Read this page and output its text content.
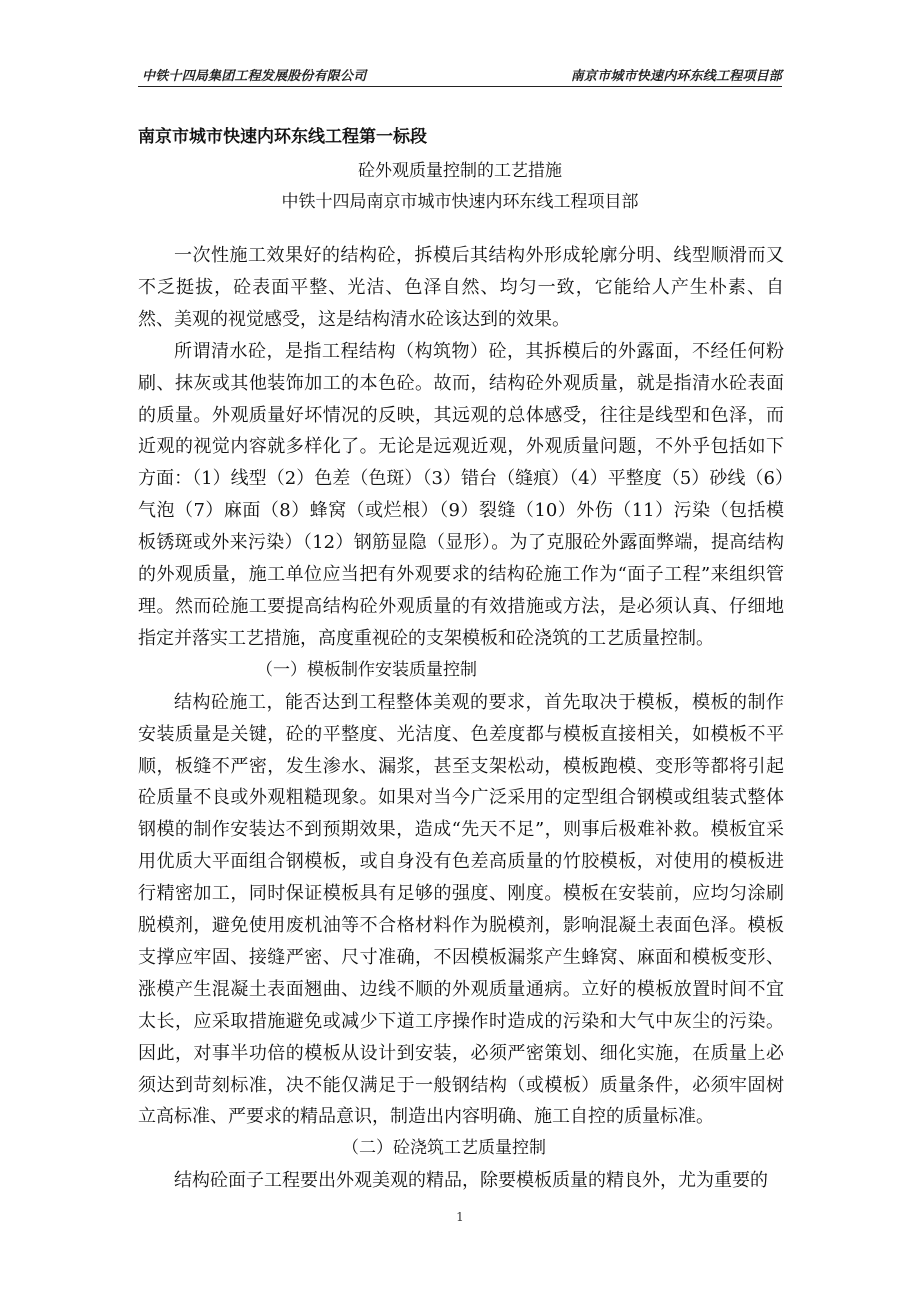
中铁十四局集团工程发展股份有限公司	南京市城市快速内环东线工程项目部
南京市城市快速内环东线工程第一标段
砼外观质量控制的工艺措施
中铁十四局南京市城市快速内环东线工程项目部

一次性施工效果好的结构砼，拆模后其结构外形成轮廓分明、线型顺滑而又不乏挺拔，砼表面平整、光洁、色泽自然、均匀一致，它能给人产生朴素、自然、美观的视觉感受，这是结构清水砼该达到的效果。

所谓清水砼，是指工程结构（构筑物）砼，其拆模后的外露面，不经任何粉刷、抹灰或其他装饰加工的本色砼。故而，结构砼外观质量，就是指清水砼表面的质量。外观质量好坏情况的反映，其远观的总体感受，往往是线型和色泽，而近观的视觉内容就多样化了。无论是远观近观，外观质量问题，不外乎包括如下方面：（1）线型（2）色差（色斑）（3）错台（缝痕）（4）平整度（5）砂线（6）气泡（7）麻面（8）蜂窝（或烂根）（9）裂缝（10）外伤（11）污染（包括模板锈斑或外来污染）（12）钢筋显隐（显形）。为了克服砼外露面弊端，提高结构的外观质量，施工单位应当把有外观要求的结构砼施工作为“面子工程”来组织管理。然而砼施工要提高结构砼外观质量的有效措施或方法，是必须认真、仔细地指定并落实工艺措施，高度重视砼的支架模板和砼浇筑的工艺质量控制。

（一）模板制作安装质量控制

结构砼施工，能否达到工程整体美观的要求，首先取决于模板，模板的制作安装质量是关键，砼的平整度、光洁度、色差度都与模板直接相关，如模板不平顺，板缝不严密，发生渗水、漏浆，甚至支架松动，模板跑模、变形等都将引起砼质量不良或外观粗糙现象。如果对当今广泛采用的定型组合钢模或组装式整体钢模的制作安装达不到预期效果，造成“先天不足”，则事后极难补救。模板宜采用优质大平面组合钢模板，或自身没有色差高质量的竹胶模板，对使用的模板进行精密加工，同时保证模板具有足够的强度、刚度。模板在安装前，应均匀涂刷脱模剂，避免使用废机油等不合格材料作为脱模剂，影响混凝土表面色泽。模板支撑应牢固、接缝严密、尺寸准确，不因模板漏浆产生蜂窝、麻面和模板变形、涨模产生混凝土表面翘曲、边线不顺的外观质量通病。立好的模板放置时间不宜太长，应采取措施避免或减少下道工序操作时造成的污染和大气中灰尘的污染。因此，对事半功倍的模板从设计到安装，必须严密策划、细化实施，在质量上必须达到苛刻标准，决不能仅满足于一般钢结构（或模板）质量条件，必须牢固树立高标准、严要求的精品意识，制造出内容明确、施工自控的质量标准。

（二）砼浇筑工艺质量控制

结构砼面子工程要出外观美观的精品，除要模板质量的精良外，尤为重要的

1
